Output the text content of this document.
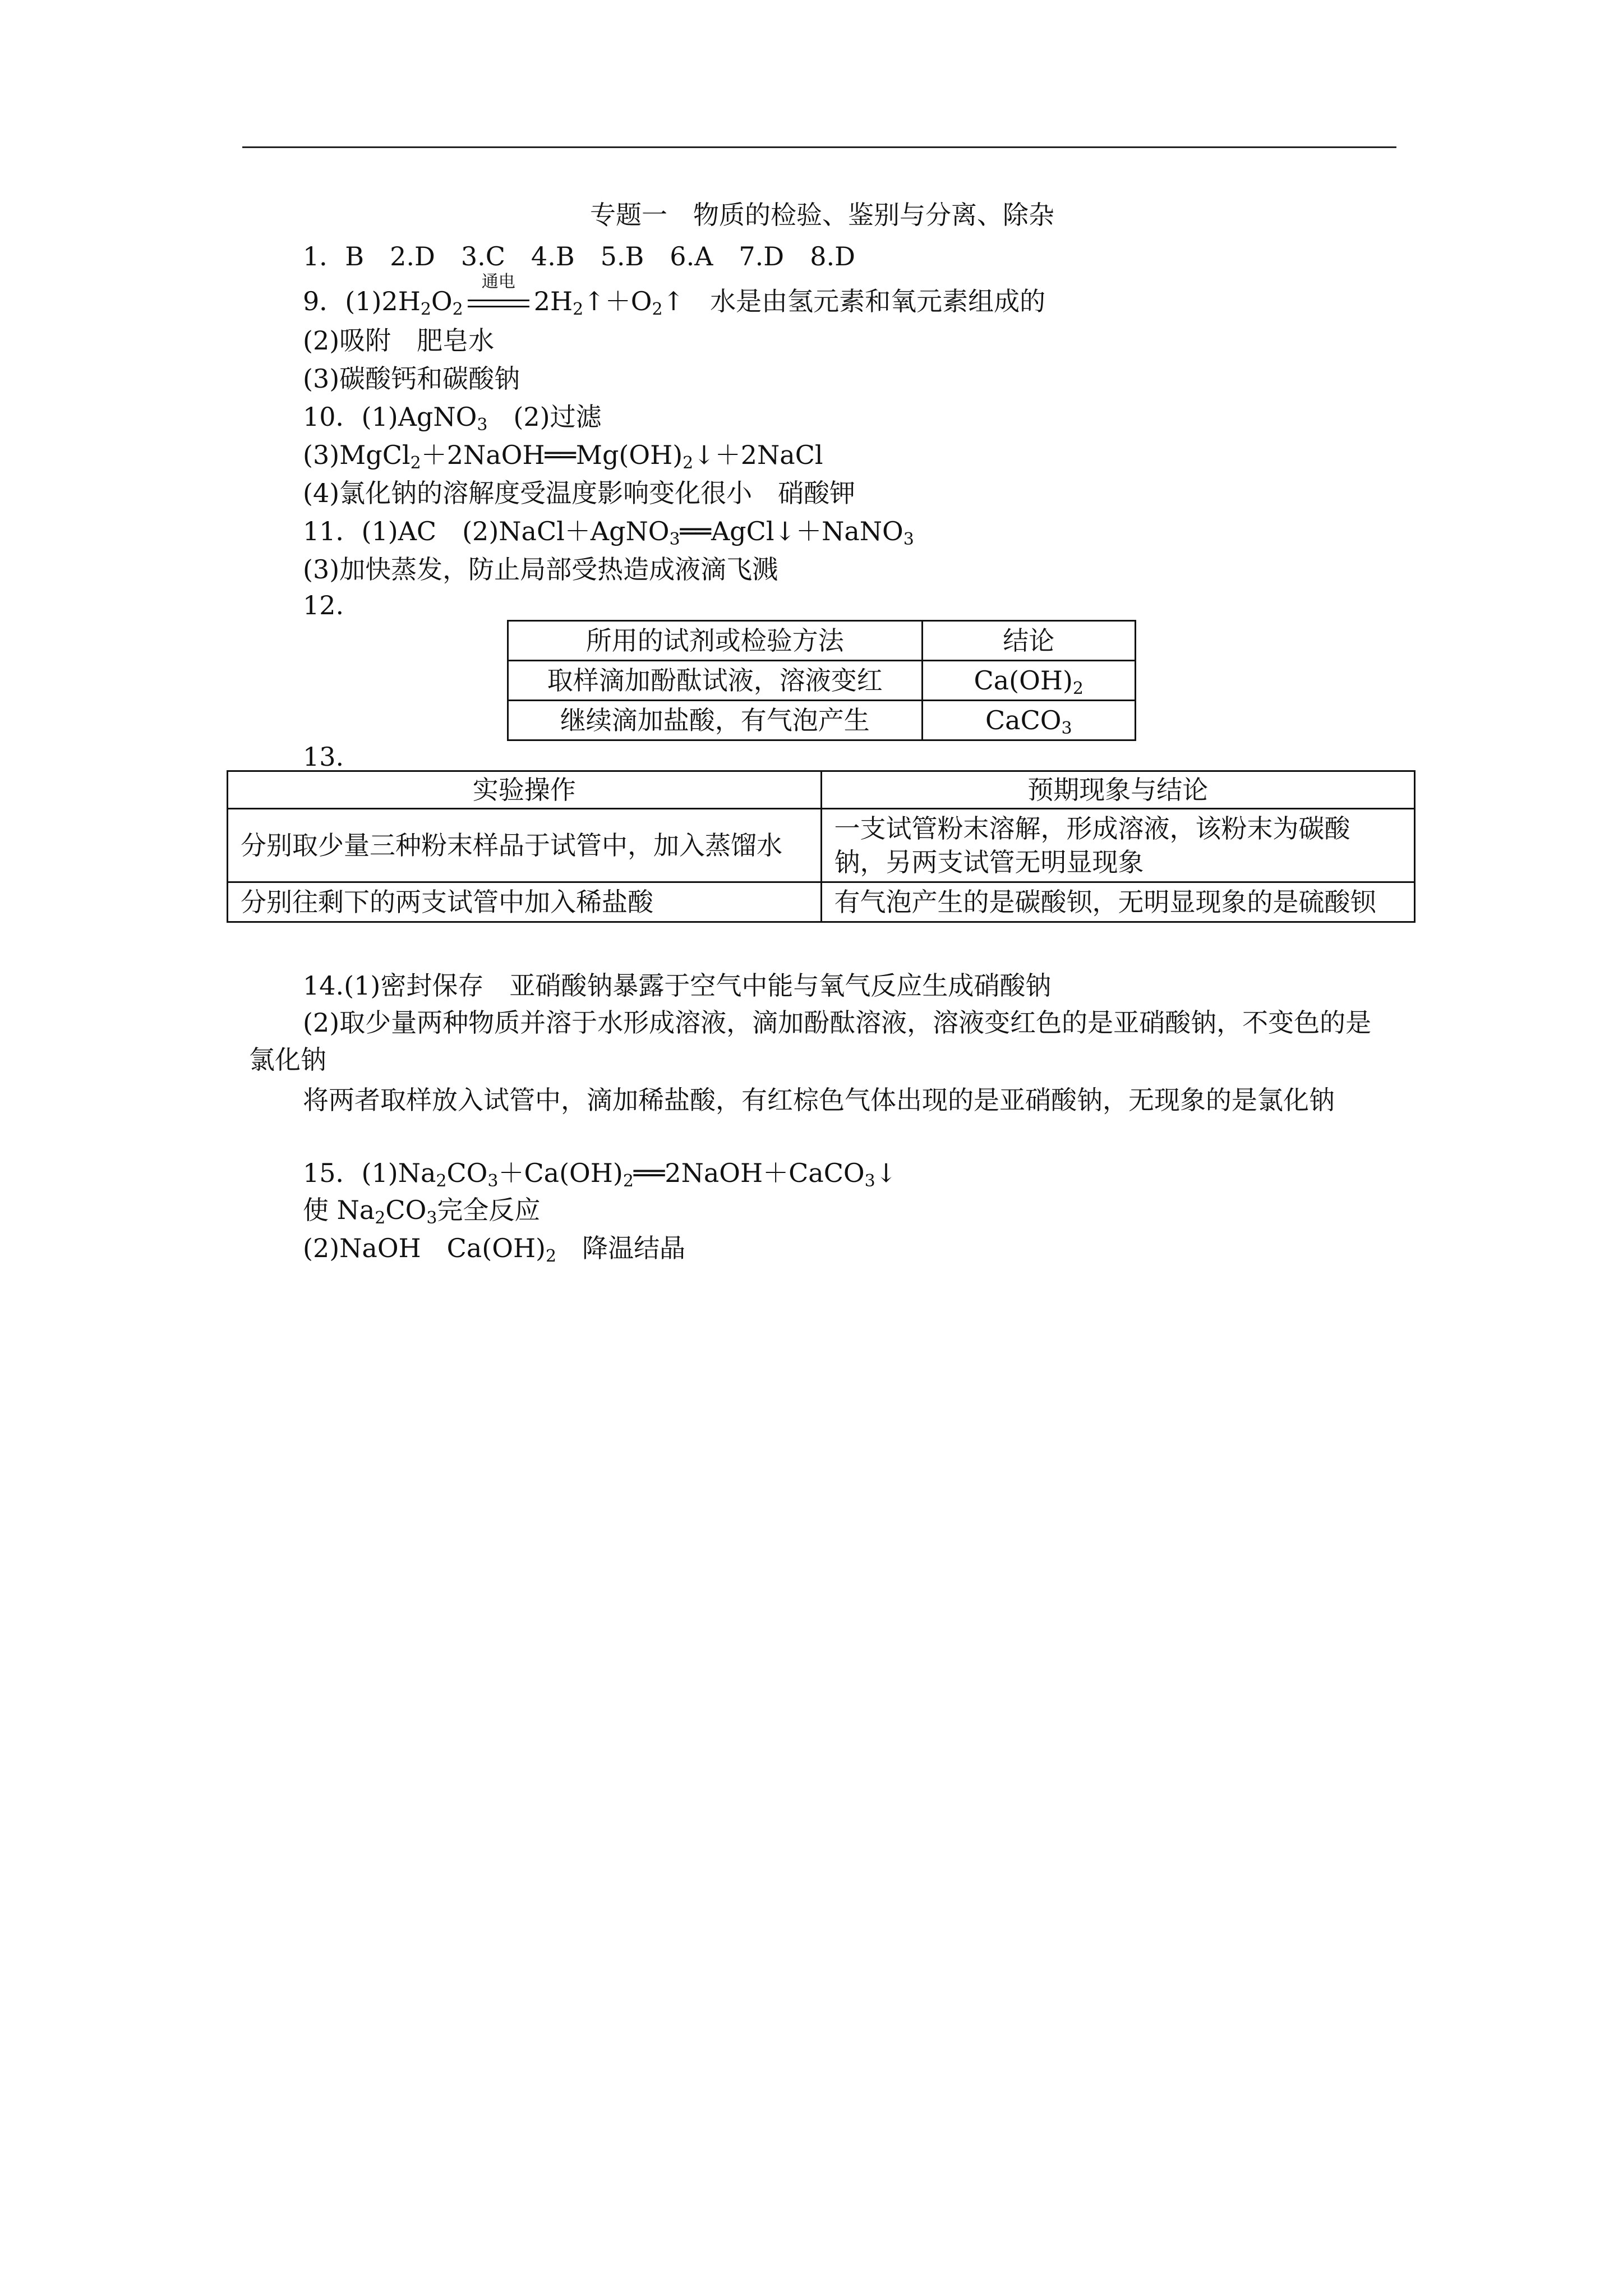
专题一　物质的检验、鉴别与分离、除杂
1．B　2.D　3.C　4.B　5.B　6.A　7.D　8.D
9．$(1)2H_2O_2$
通电
$2H_2↑+O_2↑$　水是由氢元素和氧元素组成的
(2)吸附　肥皂水
(3)碳酸钙和碳酸钠
10．(1)AgNO$_3$　(2)过滤
$(3)MgCl_2+2NaOH══Mg(OH)_2↓+2NaCl$
(4)氯化钠的溶解度受温度影响变化很小　硝酸钾
11．(1)AC　(2)NaCl＋AgNO$_3$══AgCl↓＋NaNO$_3$
(3)加快蒸发，防止局部受热造成液滴飞溅
12.
所用的试剂或检验方法	结论
取样滴加酚酞试液，溶液变红	$Ca(OH)_2$
继续滴加盐酸，有气泡产生	CaCO$_3$
13.
实验操作	预期现象与结论
分别取少量三种粉末样品于试管中，加入蒸馏水	一支试管粉末溶解，形成溶液，该粉末为碳酸钠，另两支试管无明显现象
分别往剩下的两支试管中加入稀盐酸	有气泡产生的是碳酸钡，无明显现象的是硫酸钡
14.(1)密封保存　亚硝酸钠暴露于空气中能与氧气反应生成硝酸钠
(2)取少量两种物质并溶于水形成溶液，滴加酚酞溶液，溶液变红色的是亚硝酸钠，不变色的是氯化钠
将两者取样放入试管中，滴加稀盐酸，有红棕色气体出现的是亚硝酸钠，无现象的是氯化钠
15．$(1)Na_2CO_3+Ca(OH)_2══2NaOH+CaCO_3↓$
使 $Na_2CO_3$完全反应
(2)NaOH　$Ca(OH)_2$　降温结晶
